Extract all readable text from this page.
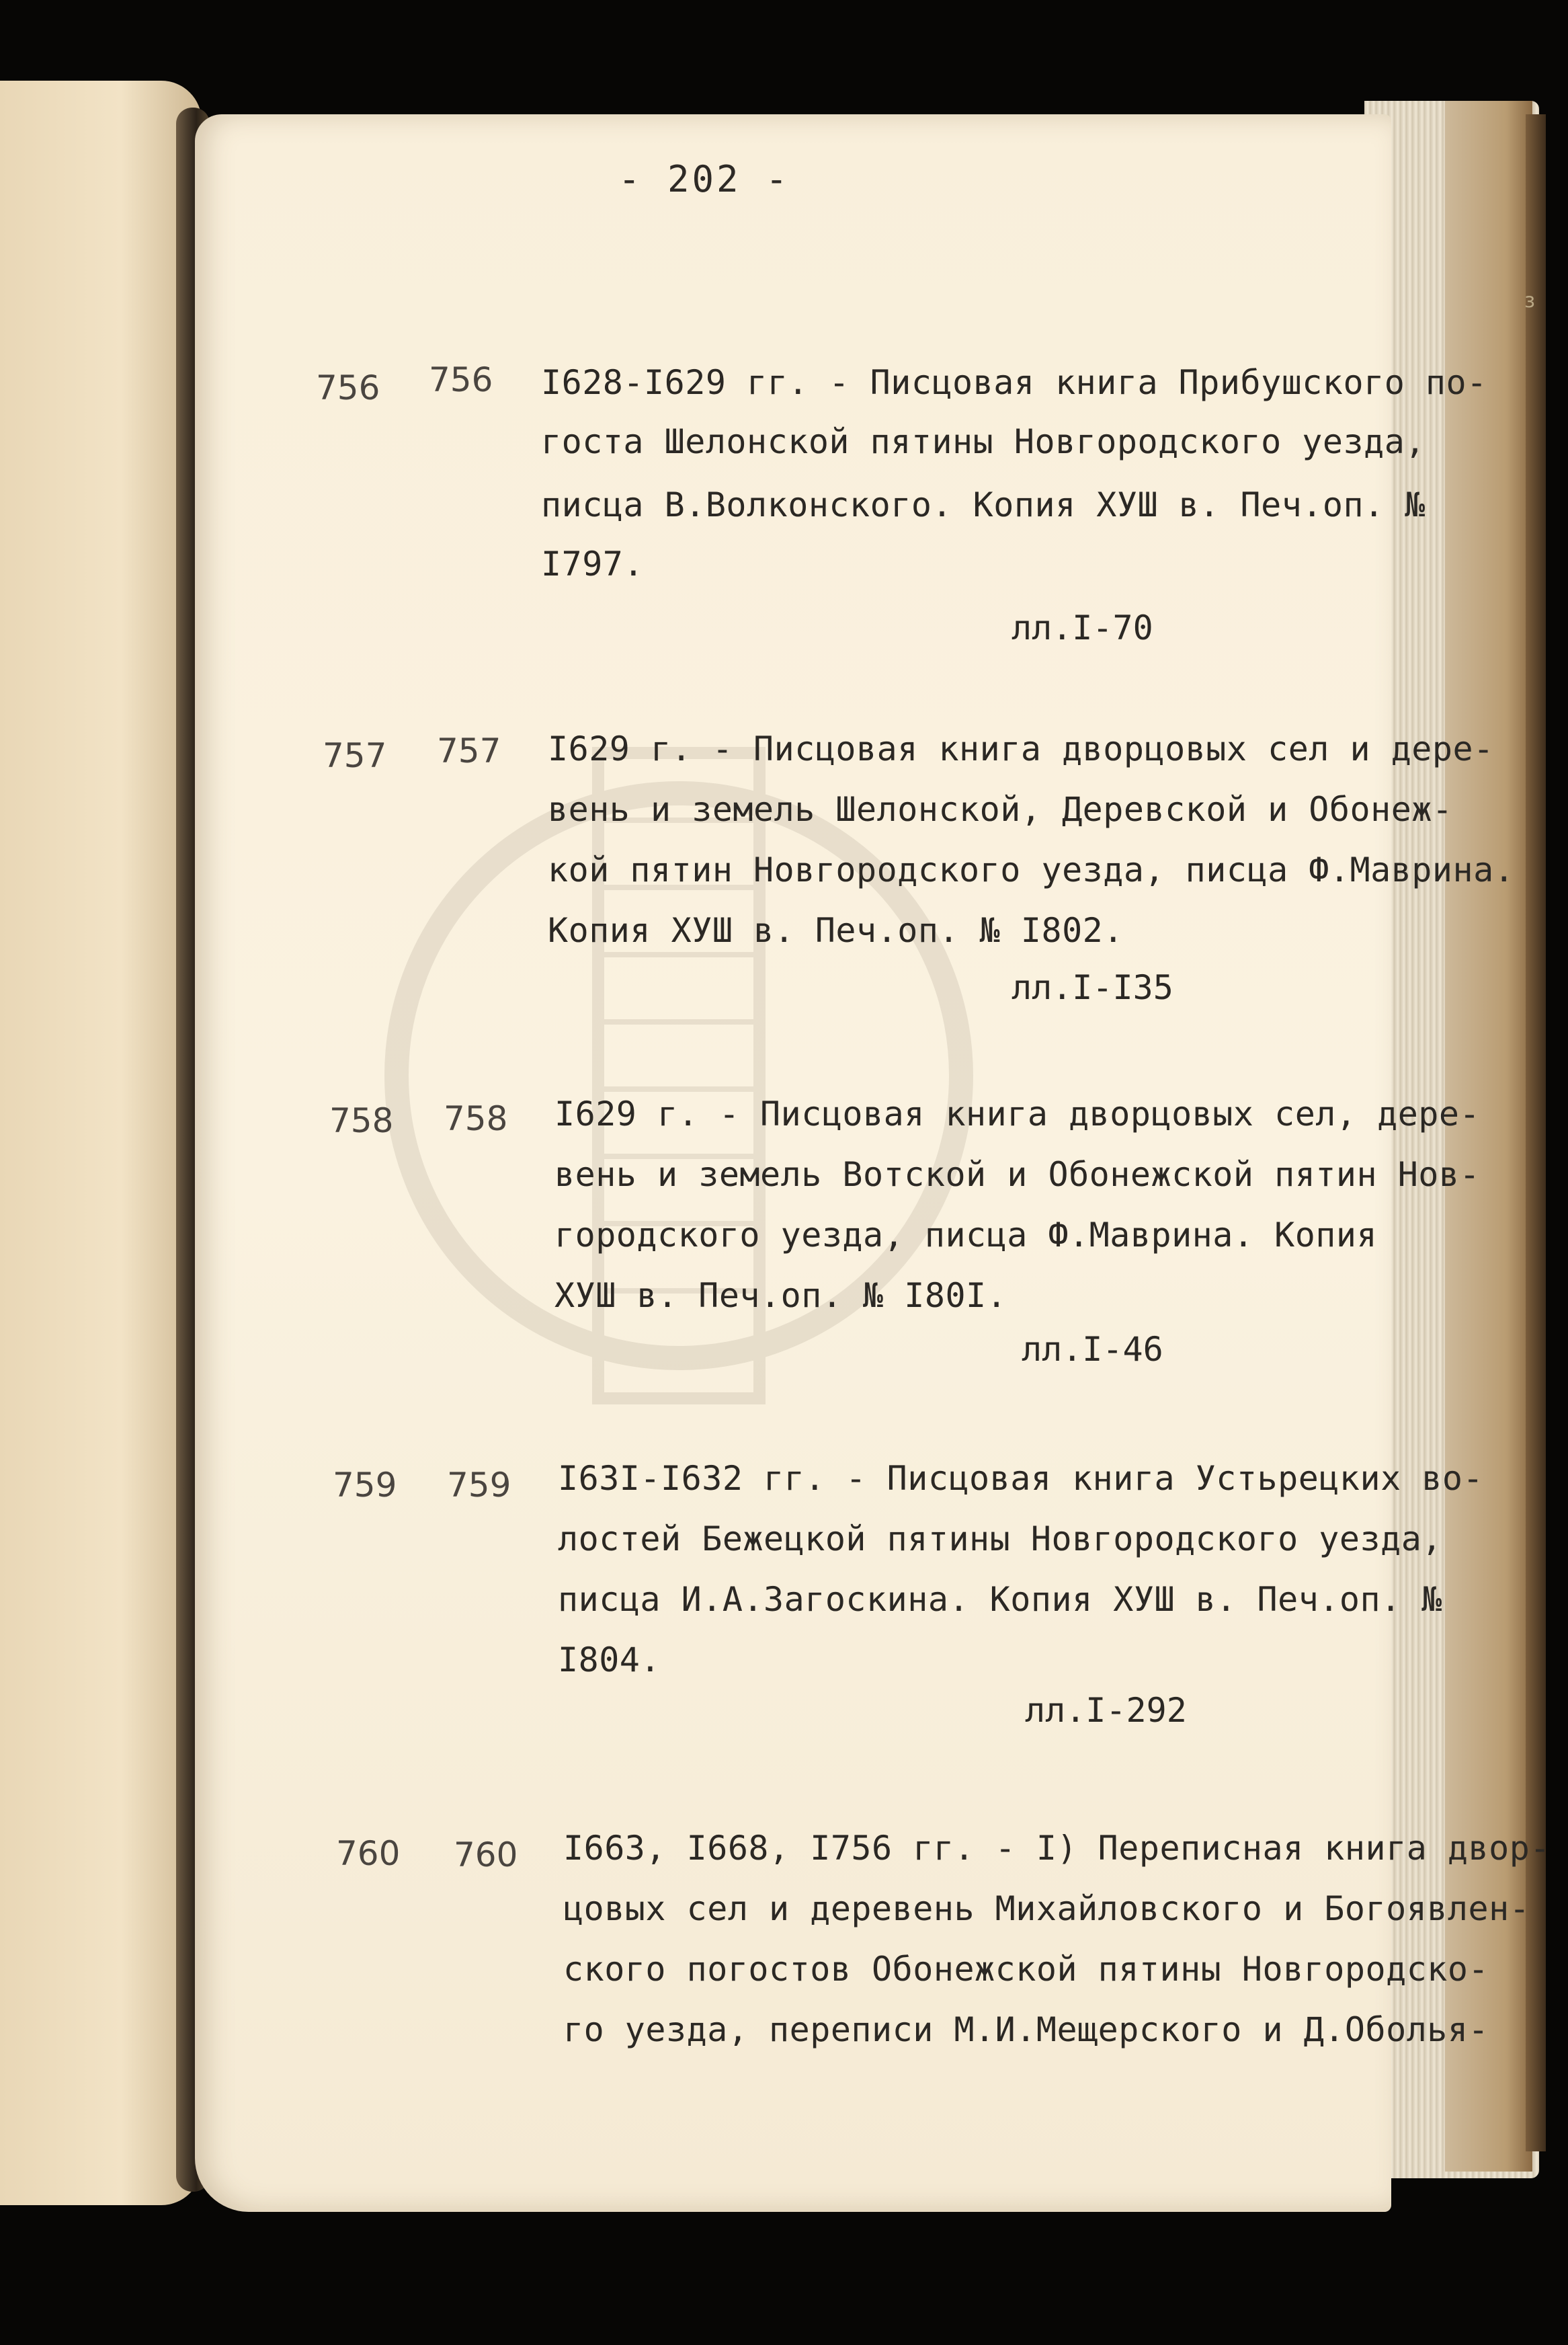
з
- 202 -
756 756 I628-I629 гг. - Писцовая книга Прибушского по-
госта Шелонской пятины Новгородского уезда,
писца В.Волконского. Копия ХУШ в. Печ.оп. №
I797.
лл.I-70
757 757 I629 г. - Писцовая книга дворцовых сел и дере-
вень и земель Шелонской, Деревской и Обонеж-
кой пятин Новгородского уезда, писца Ф.Маврина.
Копия ХУШ в. Печ.оп. № I802.
лл.I-I35
758 758 I629 г. - Писцовая книга дворцовых сел, дере-
вень и земель Вотской и Обонежской пятин Нов-
городского уезда, писца Ф.Маврина. Копия
ХУШ в. Печ.оп. № I80I.
лл.I-46
759 759 I63I-I632 гг. - Писцовая книга Устьрецких во-
лостей Бежецкой пятины Новгородского уезда,
писца И.А.Загоскина. Копия ХУШ в. Печ.оп. №
I804.
лл.I-292
760 760 I663, I668, I756 гг. - I) Переписная книга двор-
цовых сел и деревень Михайловского и Богоявлен-
ского погостов Обонежской пятины Новгородско-
го уезда, переписи М.И.Мещерского и Д.Оболья-
